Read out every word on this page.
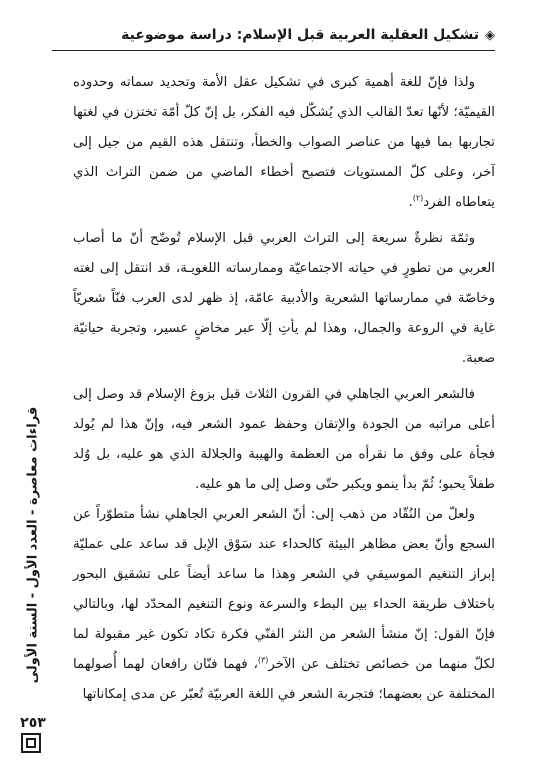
◈تشكيل العقلية العربية قبل الإسلام: دراسة موضوعية

ولذا فإنّ للغة أهمية كبرى في تشكيل عقل الأمة وتحديد سماته وحدوده القيميّة؛ لأنّها تعدّ القالب الذي يُشكّل فيه الفكر، بل إنّ كلّ أمّة تختزن في لغتها تجاربها بما فيها من عناصر الصواب والخطأ، وتنتقل هذه القيم من جيل إلى آخر، وعلى كلّ المستويات فتصبح أخطاء الماضي من ضمن التراث الذي يتعاطاه الفرد$^{(٢)}$.

وثمّة نظرةٌ سريعة إلى التراث العربي قبل الإسلام تُوضّح أنّ ما أصاب العربي من تطورٍ في حياته الاجتماعيّة وممارساته اللغويـة، قد انتقل إلى لغته وخاصّة في ممارساتها الشعرية والأدبية عامّة، إذ ظهر لدى العرب فنّاً شعريّاً غاية في الروعة والجمال، وهذا لم يأتِ إلّا عبر مخاضٍ عسير، وتجربة حياتيّة صعبة.

فالشعر العربي الجاهلي في القرون الثلاث قبل بزوغ الإسلام قد وصل إلى أعلى مراتبه من الجودة والإتقان وحفظ عمود الشعر فيه، وإنّ هذا لم يُولد فجأة على وفق ما نقرأه من العظمة والهيبة والجلالة الذي هو عليه، بل وُلد طفلاً يحبو؛ ثُمّ بدأ ينمو ويكبر حتّى وصل إلى ما هو عليه.

ولعلّ من النُقّاد من ذهب إلى: أنّ الشعر العربي الجاهلي نشأ متطوّراً عن السجع وأنّ بعض مظاهر البيئة كالحداء عند سَوْق الإبل قد ساعد على عمليّة إبراز التنغيم الموسيقي في الشعر وهذا ما ساعد أيضاً على تشقيق البحور باختلاف طريقة الحداء بين البطء والسرعة ونوع التنغيم المحدّد لها، وبالتالي فإنّ القول: إنّ منشأ الشعر من النثر الفنّي فكرة تكاد تكون غير مقبولة لما لكلّ منهما من خصائص تختلف عن الآخر$^{(٣)}$، فهما فنّان رافعان لهما أُصولهما المختلفة عن بعضهما؛ فتجربة الشعر في اللغة العربيّة تُعبّر عن مدى إمكاناتها

قراءات معاصرة - العدد الأول - السنة الأولى
٢٥٣
